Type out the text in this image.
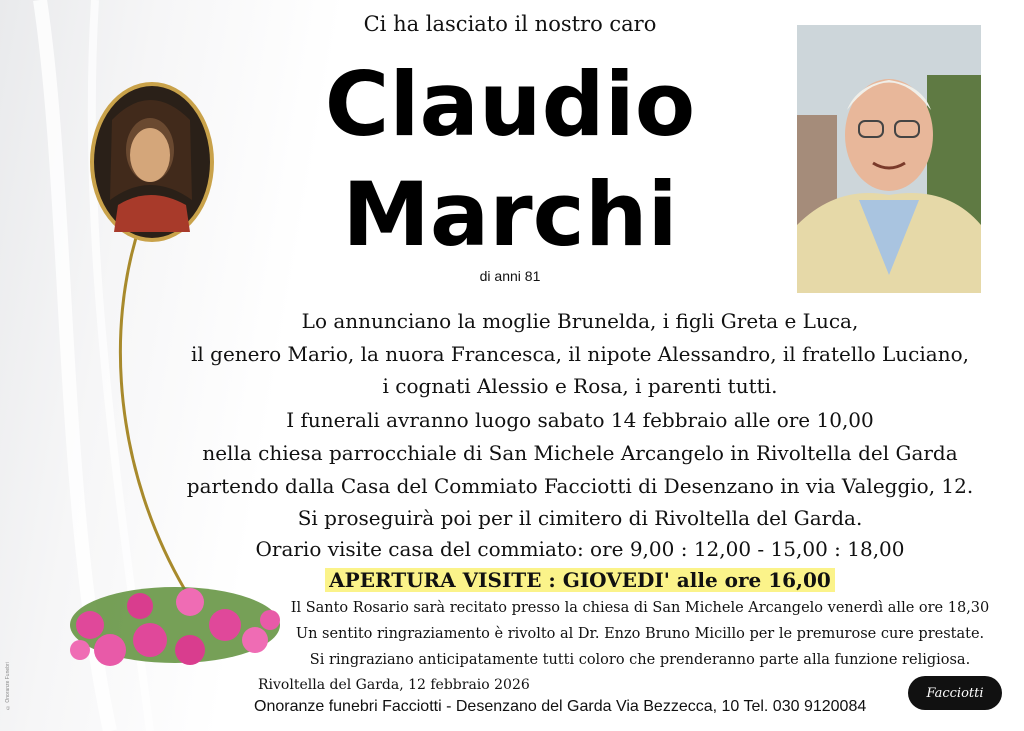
© Onoranze Funebri
Ci ha lasciato il nostro caro
Claudio
Marchi
di anni 81
Lo annunciano la moglie Brunelda, i figli Greta e Luca,
il genero Mario, la nuora Francesca, il nipote Alessandro, il fratello Luciano,
i cognati Alessio e Rosa, i parenti tutti.
I funerali avranno luogo sabato 14 febbraio alle ore 10,00
nella chiesa parrocchiale di San Michele Arcangelo in Rivoltella del Garda
partendo dalla Casa del Commiato Facciotti di Desenzano in via Valeggio, 12.
Si proseguirà poi per il cimitero di Rivoltella del Garda.
Orario visite casa del commiato: ore 9,00 : 12,00 - 15,00 : 18,00
APERTURA VISITE : GIOVEDI' alle ore 16,00
Il Santo Rosario sarà recitato presso la chiesa di San Michele Arcangelo venerdì alle ore 18,30
Un sentito ringraziamento è rivolto al Dr. Enzo Bruno Micillo per le premurose cure prestate.
Si ringraziano anticipatamente tutti coloro che prenderanno parte alla funzione religiosa.
Rivoltella del Garda, 12 febbraio 2026
Onoranze funebri Facciotti - Desenzano del Garda Via Bezzecca, 10 Tel. 030 9120084
Facciotti
